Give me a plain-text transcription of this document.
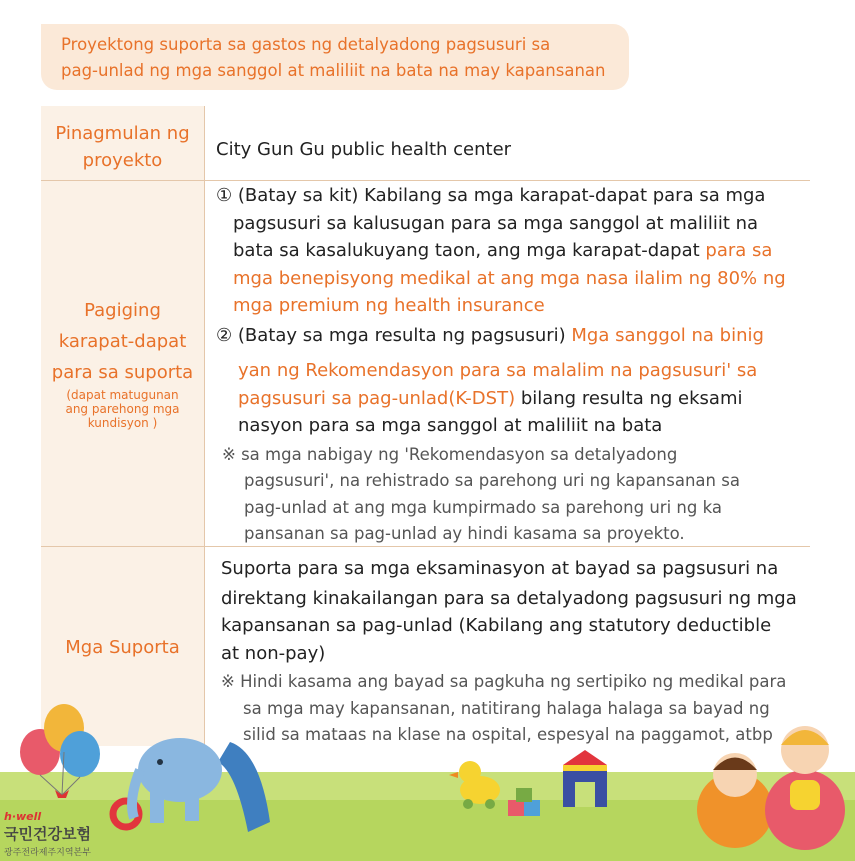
Proyektong suporta sa gastos ng detalyadong pagsusuri sa
pag-unlad ng mga sanggol at maliliit na bata na may kapansanan
Pinagmulan ng
proyekto
City Gun Gu public health center
Pagiging
karapat-dapat
para sa suporta
(dapat matugunan
ang parehong mga
kundisyon )
① (Batay sa kit) Kabilang sa mga karapat-dapat para sa mga
pagsusuri sa kalusugan para sa mga sanggol at maliliit na
bata sa kasalukuyang taon, ang mga karapat-dapat para sa
mga benepisyong medikal at ang mga nasa ilalim ng 80% ng
mga premium ng health insurance
② (Batay sa mga resulta ng pagsusuri) Mga sanggol na binig
yan ng Rekomendasyon para sa malalim na pagsusuri' sa
pagsusuri sa pag-unlad(K-DST) bilang resulta ng eksami
nasyon para sa mga sanggol at maliliit na bata
※ sa mga nabigay ng 'Rekomendasyon sa detalyadong
pagsusuri', na rehistrado sa parehong uri ng kapansanan sa
pag-unlad at ang mga kumpirmado sa parehong uri ng ka
pansanan sa pag-unlad ay hindi kasama sa proyekto.
Mga Suporta
Suporta para sa mga eksaminasyon at bayad sa pagsusuri na
direktang kinakailangan para sa detalyadong pagsusuri ng mga
kapansanan sa pag-unlad (Kabilang ang statutory deductible
at non-pay)
※ Hindi kasama ang bayad sa pagkuha ng sertipiko ng medikal para
sa mga may kapansanan, natitirang halaga halaga sa bayad ng
silid sa mataas na klase na ospital, espesyal na paggamot, atbp
h·well
국민건강보험
광주전라제주지역본부
